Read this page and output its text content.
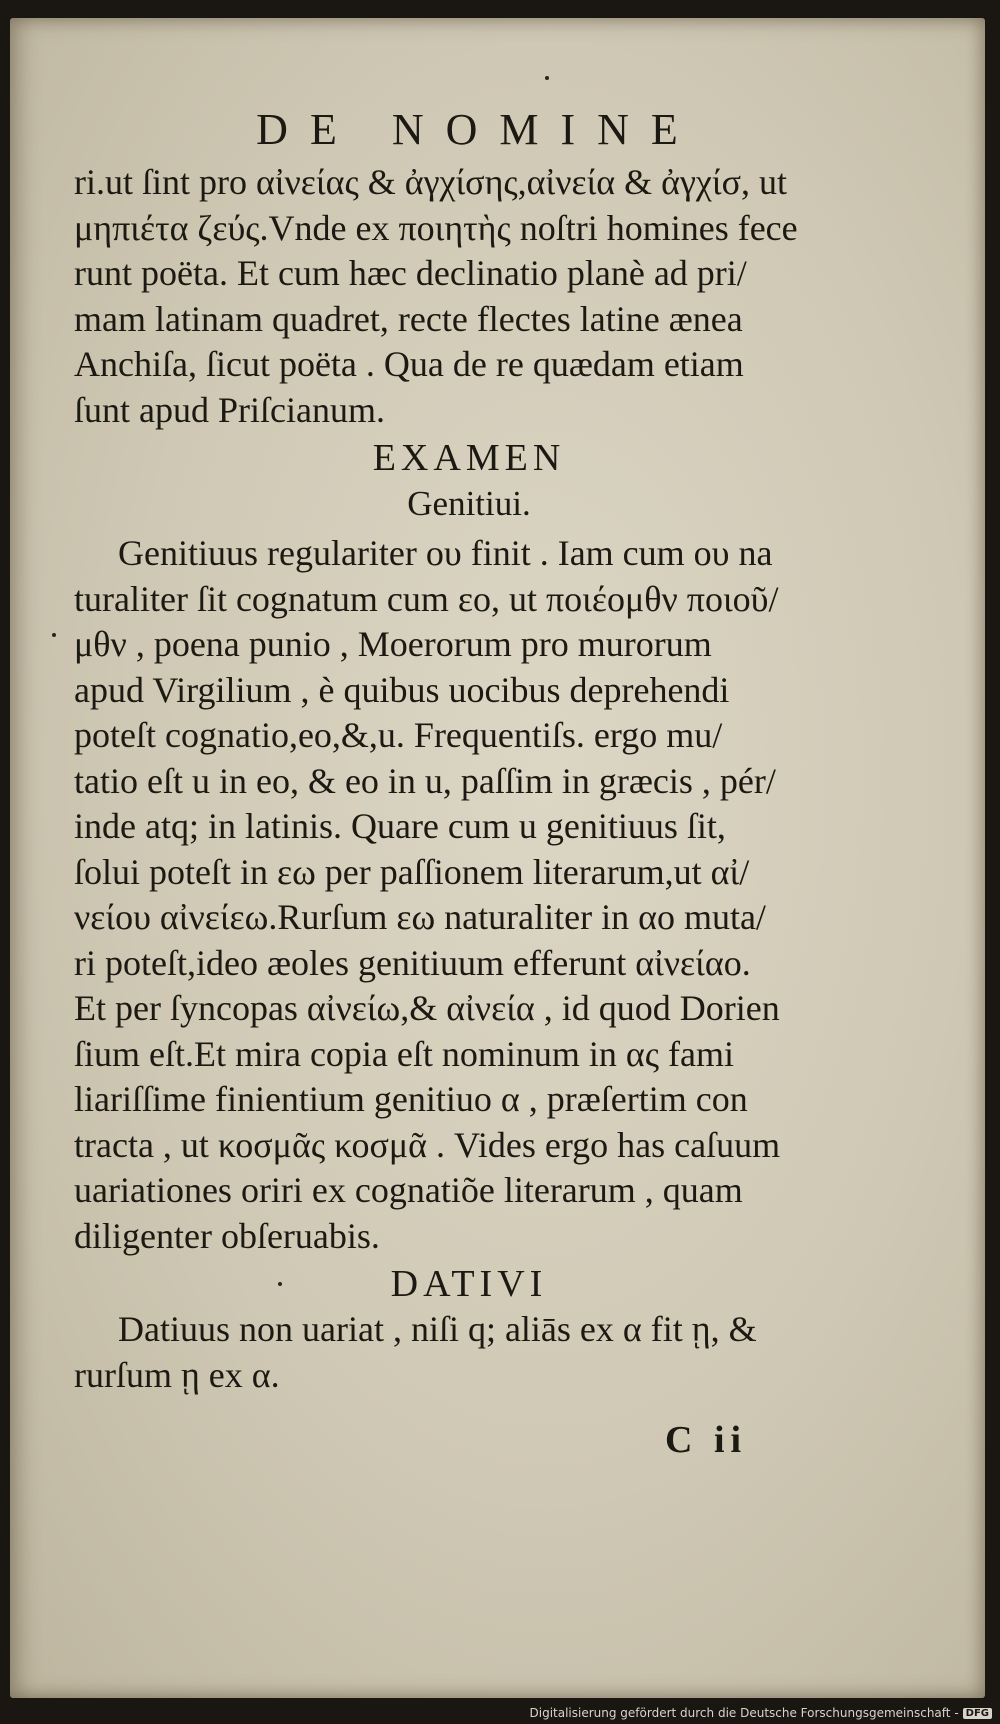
DE NOMINE

ri.ut ſint pro αἰνείας & ἀγχίσης,αἰνεία & ἀγχίσ, ut

μηπιέτα ζεύς.Vnde ex ποιητὴς noſtri homines fece

runt poëta. Et cum hæc declinatio planè ad pri/

mam latinam quadret, recte flectes latine æneа

Anchiſa, ſicut poëta . Qua de re quædam etiam

ſunt apud Priſcianum.

EXAMEN
Genitiui.

Genitiuus regulariter ου finit . Iam cum ου na

turaliter ſit cognatum cum εο, ut ποιέομθν ποιοῦ/

μθν , poena punio , Moerorum pro murorum

apud Virgilium , è quibus uocibus deprehendi

poteſt cognatio,eo,&,u. Frequentiſs. ergo mu/

tatio eſt u in eo, & eo in u, paſſim in græcis , pér/

inde atq; in latinis. Quare cum u genitiuus ſit,

ſolui poteſt in εω per paſſionem literarum,ut αἰ/

νείου αἰνείεω.Rurſum εω naturaliter in αο muta/

ri poteſt,ideo æoles genitiuum efferunt αἰνείαο.

Et per ſyncopas αἰνείω,& αἰνεία , id quod Dorien

ſium eſt.Et mira copia eſt nominum in ας fami

liariſſime finientium genitiuo α , præſertim con

tracta , ut κοσμᾶς κοσμᾶ . Vides ergo has caſuum

uariationes oriri ex cognatiõe literarum , quam

diligenter obſeruabis.

DATIVI

Datiuus non uariat , niſi q; aliās ex α fit ῃ, &

rurſum ῃ ex α.

C ii
Digitalisierung gefördert durch die Deutsche Forschungsgemeinschaft - DFG
